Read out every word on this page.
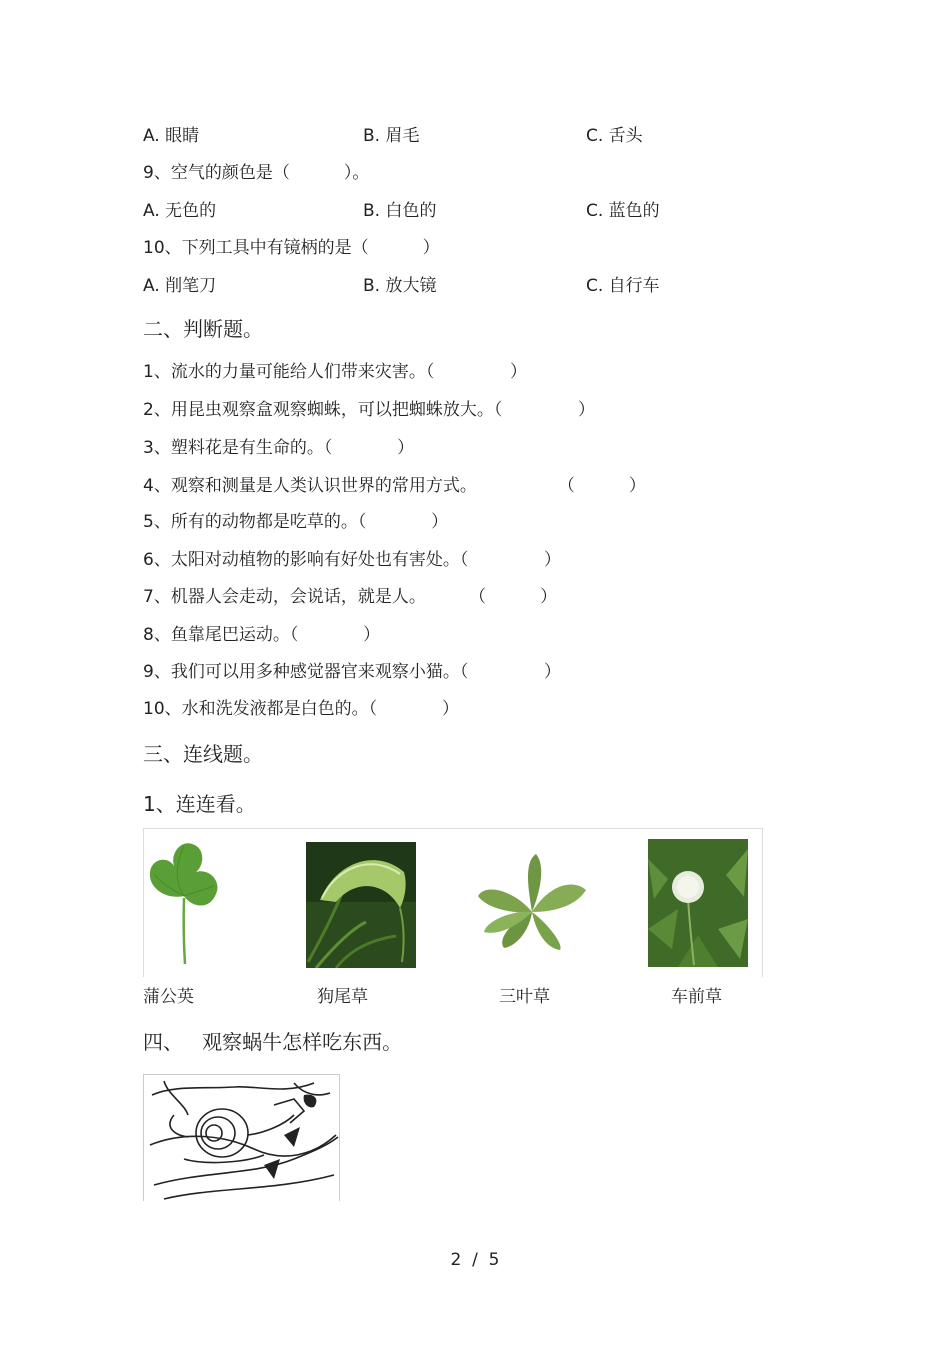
A. 眼睛	B. 眉毛	C. 舌头
9、空气的颜色是（          ）。
A. 无色的	B. 白色的	C. 蓝色的
10、下列工具中有镜柄的是（          ）
A. 削笔刀	B. 放大镜	C. 自行车
二、判断题。
1、流水的力量可能给人们带来灾害。（              ）
2、用昆虫观察盒观察蜘蛛，可以把蜘蛛放大。（              ）
3、塑料花是有生命的。（            ）
4、观察和测量是人类认识世界的常用方式。               （          ）
5、所有的动物都是吃草的。（            ）
6、太阳对动植物的影响有好处也有害处。（              ）
7、机器人会走动，会说话，就是人。        （          ）
8、鱼靠尾巴运动。（            ）
9、我们可以用多种感觉器官来观察小猫。（              ）
10、水和洗发液都是白色的。（            ）
三、连线题。
1、连连看。
蒲公英	狗尾草	三叶草	车前草
四、   观察蜗牛怎样吃东西。
2  /  5
